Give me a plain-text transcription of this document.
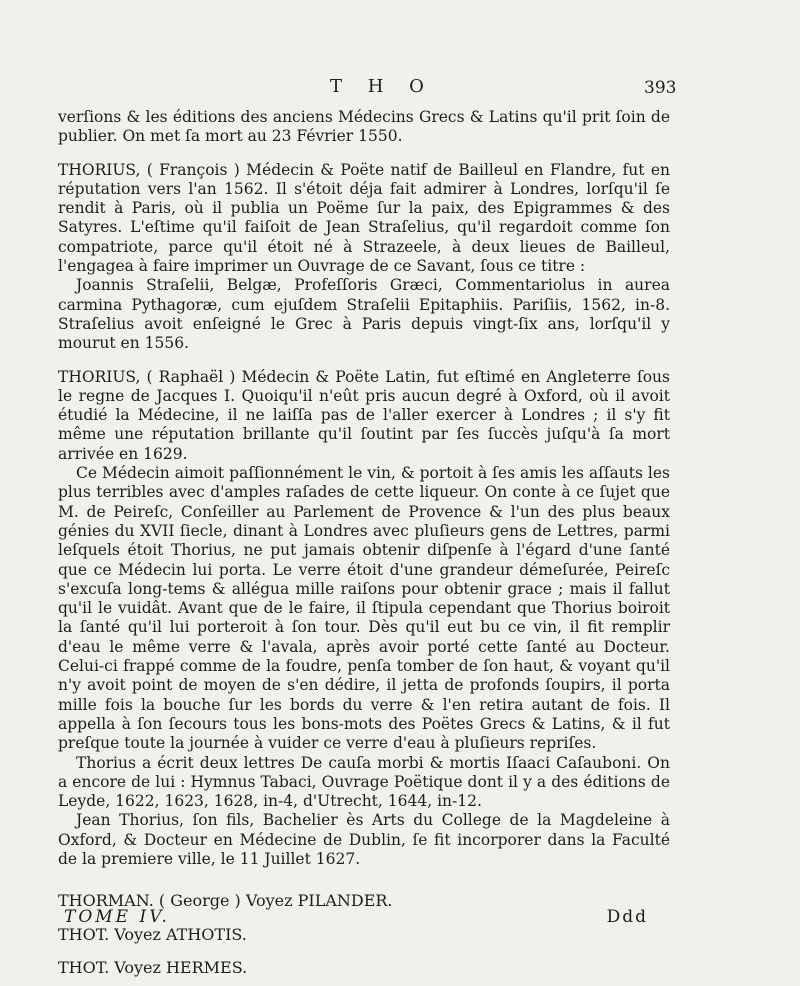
T H O	393

verſions & les éditions des anciens Médecins Grecs & Latins qu'il prit ſoin de publier. On met ſa mort au 23 Février 1550.

THORIUS, ( François ) Médecin & Poëte natif de Bailleul en Flandre, fut en réputation vers l'an 1562. Il s'étoit déja fait admirer à Londres, lorſqu'il ſe rendit à Paris, où il publia un Poëme ſur la paix, des Epigrammes & des Satyres. L'eſtime qu'il faiſoit de Jean Straſelius, qu'il regardoit comme ſon compatriote, parce qu'il étoit né à Strazeele, à deux lieues de Bailleul, l'engagea à faire imprimer un Ouvrage de ce Savant, ſous ce titre :

Joannis Straſelii, Belgæ, Profeſſoris Græci, Commentariolus in aurea carmina Pythagoræ, cum ejuſdem Straſelii Epitaphiis. Pariſiis, 1562, in-8. Straſelius avoit enſeigné le Grec à Paris depuis vingt-ſix ans, lorſqu'il y mourut en 1556.

THORIUS, ( Raphaël ) Médecin & Poëte Latin, fut eſtimé en Angleterre ſous le regne de Jacques I. Quoiqu'il n'eût pris aucun degré à Oxford, où il avoit étudié la Médecine, il ne laiſſa pas de l'aller exercer à Londres ; il s'y fit même une réputation brillante qu'il ſoutint par ſes ſuccès juſqu'à ſa mort arrivée en 1629.

Ce Médecin aimoit paſſionnément le vin, & portoit à ſes amis les aſſauts les plus terribles avec d'amples raſades de cette liqueur. On conte à ce ſujet que M. de Peireſc, Conſeiller au Parlement de Provence & l'un des plus beaux génies du XVII ſiecle, dinant à Londres avec pluſieurs gens de Lettres, parmi leſquels étoit Thorius, ne put jamais obtenir diſpenſe à l'égard d'une ſanté que ce Médecin lui porta. Le verre étoit d'une grandeur démeſurée, Peireſc s'excuſa long-tems & allégua mille raiſons pour obtenir grace ; mais il fallut qu'il le vuidât. Avant que de le faire, il ſtipula cependant que Thorius boiroit la ſanté qu'il lui porteroit à ſon tour. Dès qu'il eut bu ce vin, il fit remplir d'eau le même verre & l'avala, après avoir porté cette ſanté au Docteur. Celui-ci frappé comme de la foudre, penſa tomber de ſon haut, & voyant qu'il n'y avoit point de moyen de s'en dédire, il jetta de profonds ſoupirs, il porta mille fois la bouche ſur les bords du verre & l'en retira autant de fois. Il appella à ſon ſecours tous les bons-mots des Poëtes Grecs & Latins, & il fut preſque toute la journée à vuider ce verre d'eau à pluſieurs repriſes.

Thorius a écrit deux lettres De cauſa morbi & mortis Iſaaci Caſauboni. On a encore de lui : Hymnus Tabaci, Ouvrage Poëtique dont il y a des éditions de Leyde, 1622, 1623, 1628, in-4, d'Utrecht, 1644, in-12.

Jean Thorius, ſon fils, Bachelier ès Arts du College de la Magdeleine à Oxford, & Docteur en Médecine de Dublin, ſe fit incorporer dans la Faculté de la premiere ville, le 11 Juillet 1627.

THORMAN. ( George ) Voyez PILANDER.

THOT. Voyez ATHOTIS.

THOT. Voyez HERMES.

TOME IV.	Ddd
